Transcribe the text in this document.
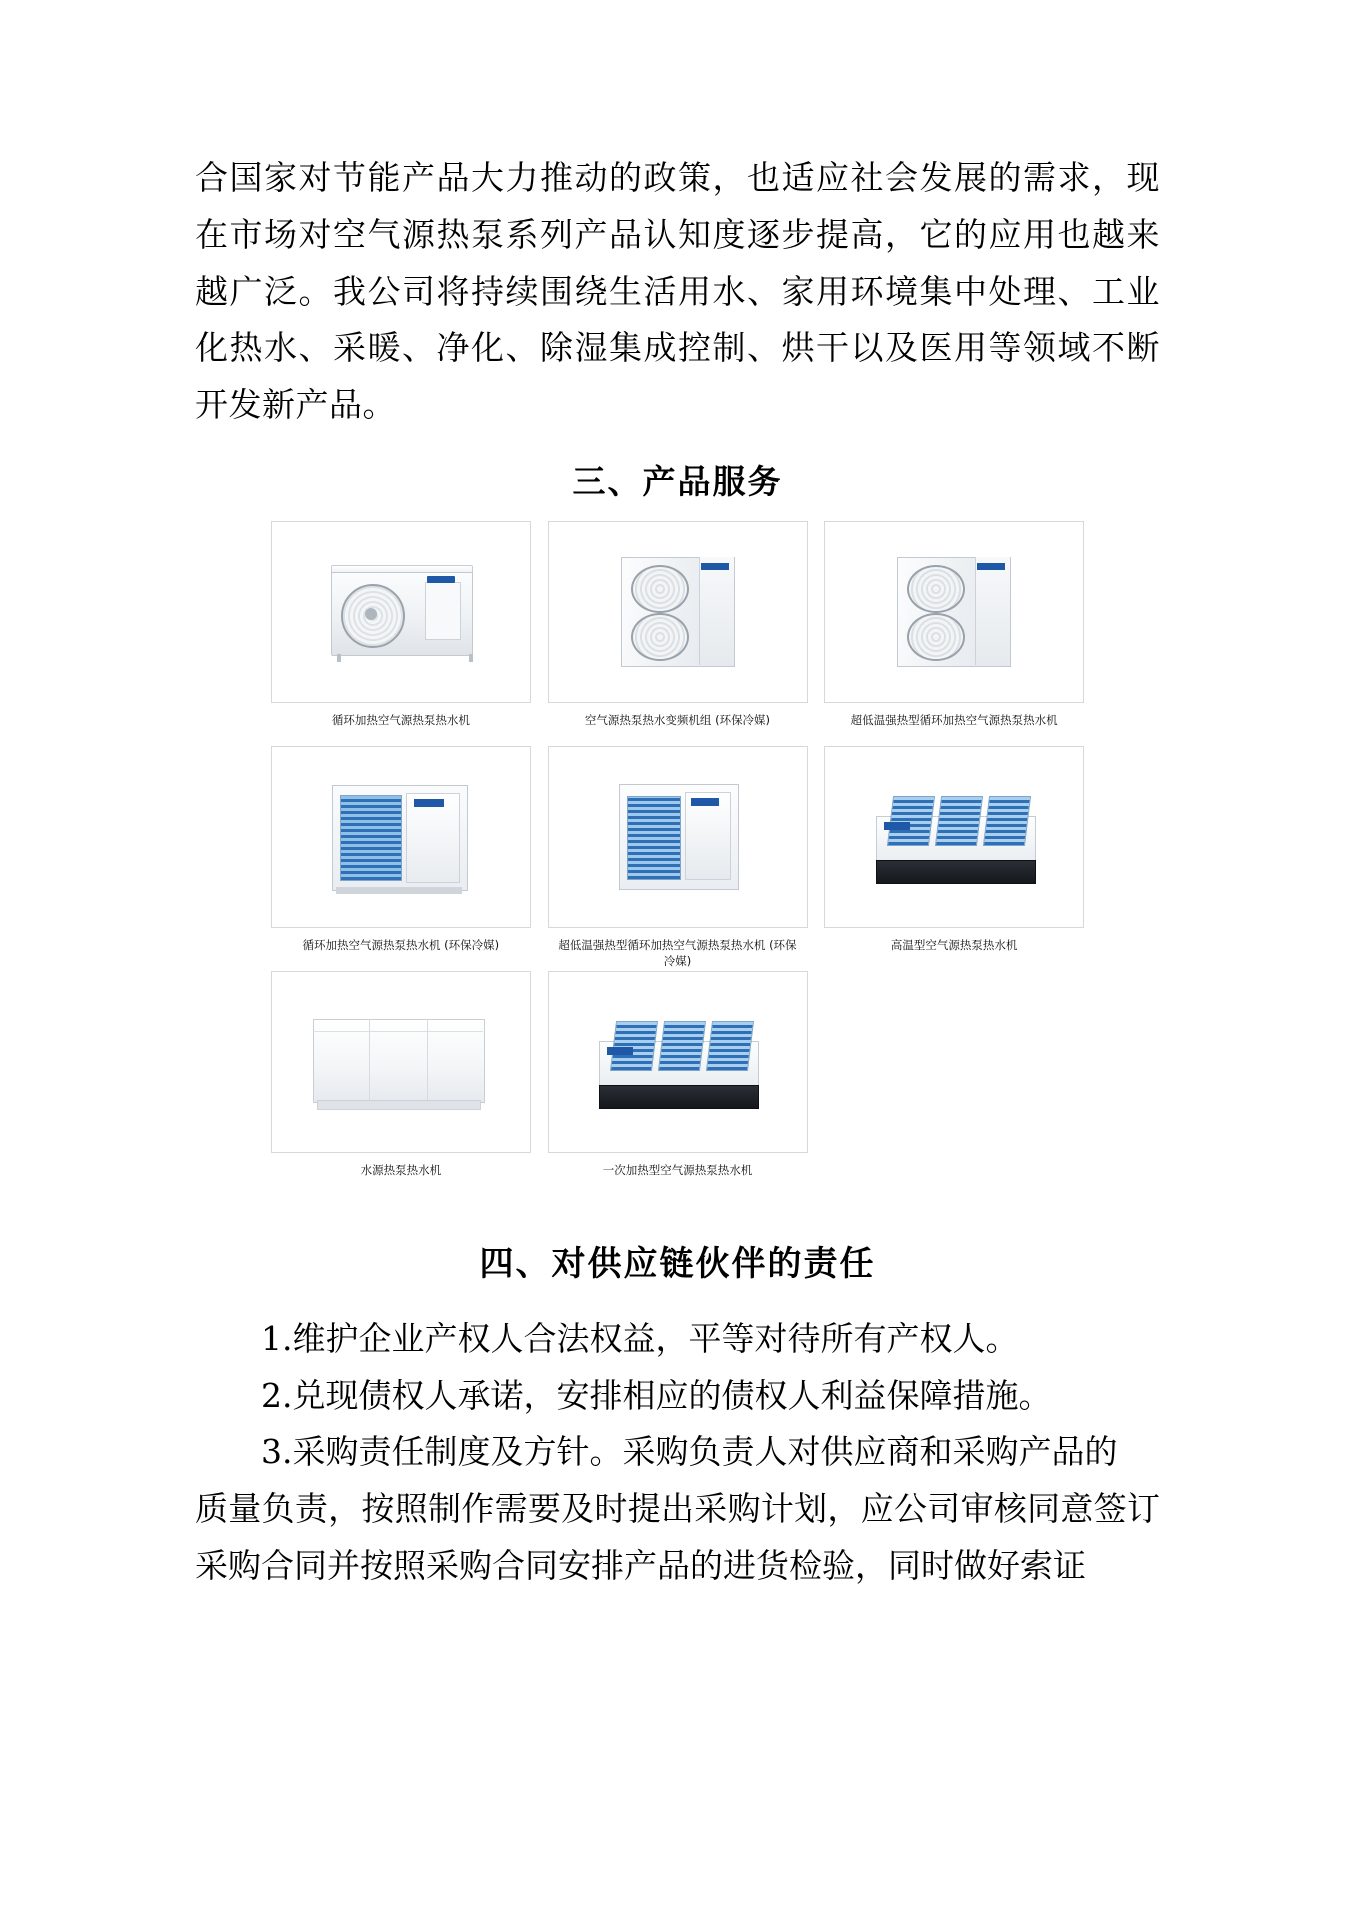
合国家对节能产品大力推动的政策，也适应社会发展的需求，现在市场对空气源热泵系列产品认知度逐步提高，它的应用也越来越广泛。我公司将持续围绕生活用水、家用环境集中处理、工业化热水、采暖、净化、除湿集成控制、烘干以及医用等领域不断开发新产品。

三、产品服务
循环加热空气源热泵热水机	空气源热泵热水变频机组 (环保冷媒)	超低温强热型循环加热空气源热泵热水机
循环加热空气源热泵热水机 (环保冷媒)	超低温强热型循环加热空气源热泵热水机 (环保冷媒)
高温型空气源热泵热水机
水源热泵热水机	一次加热型空气源热泵热水机
四、对供应链伙伴的责任

1.维护企业产权人合法权益，平等对待所有产权人。

2.兑现债权人承诺，安排相应的债权人利益保障措施。

3.采购责任制度及方针。采购负责人对供应商和采购产品的

质量负责，按照制作需要及时提出采购计划，应公司审核同意签订采购合同并按照采购合同安排产品的进货检验，同时做好索证
